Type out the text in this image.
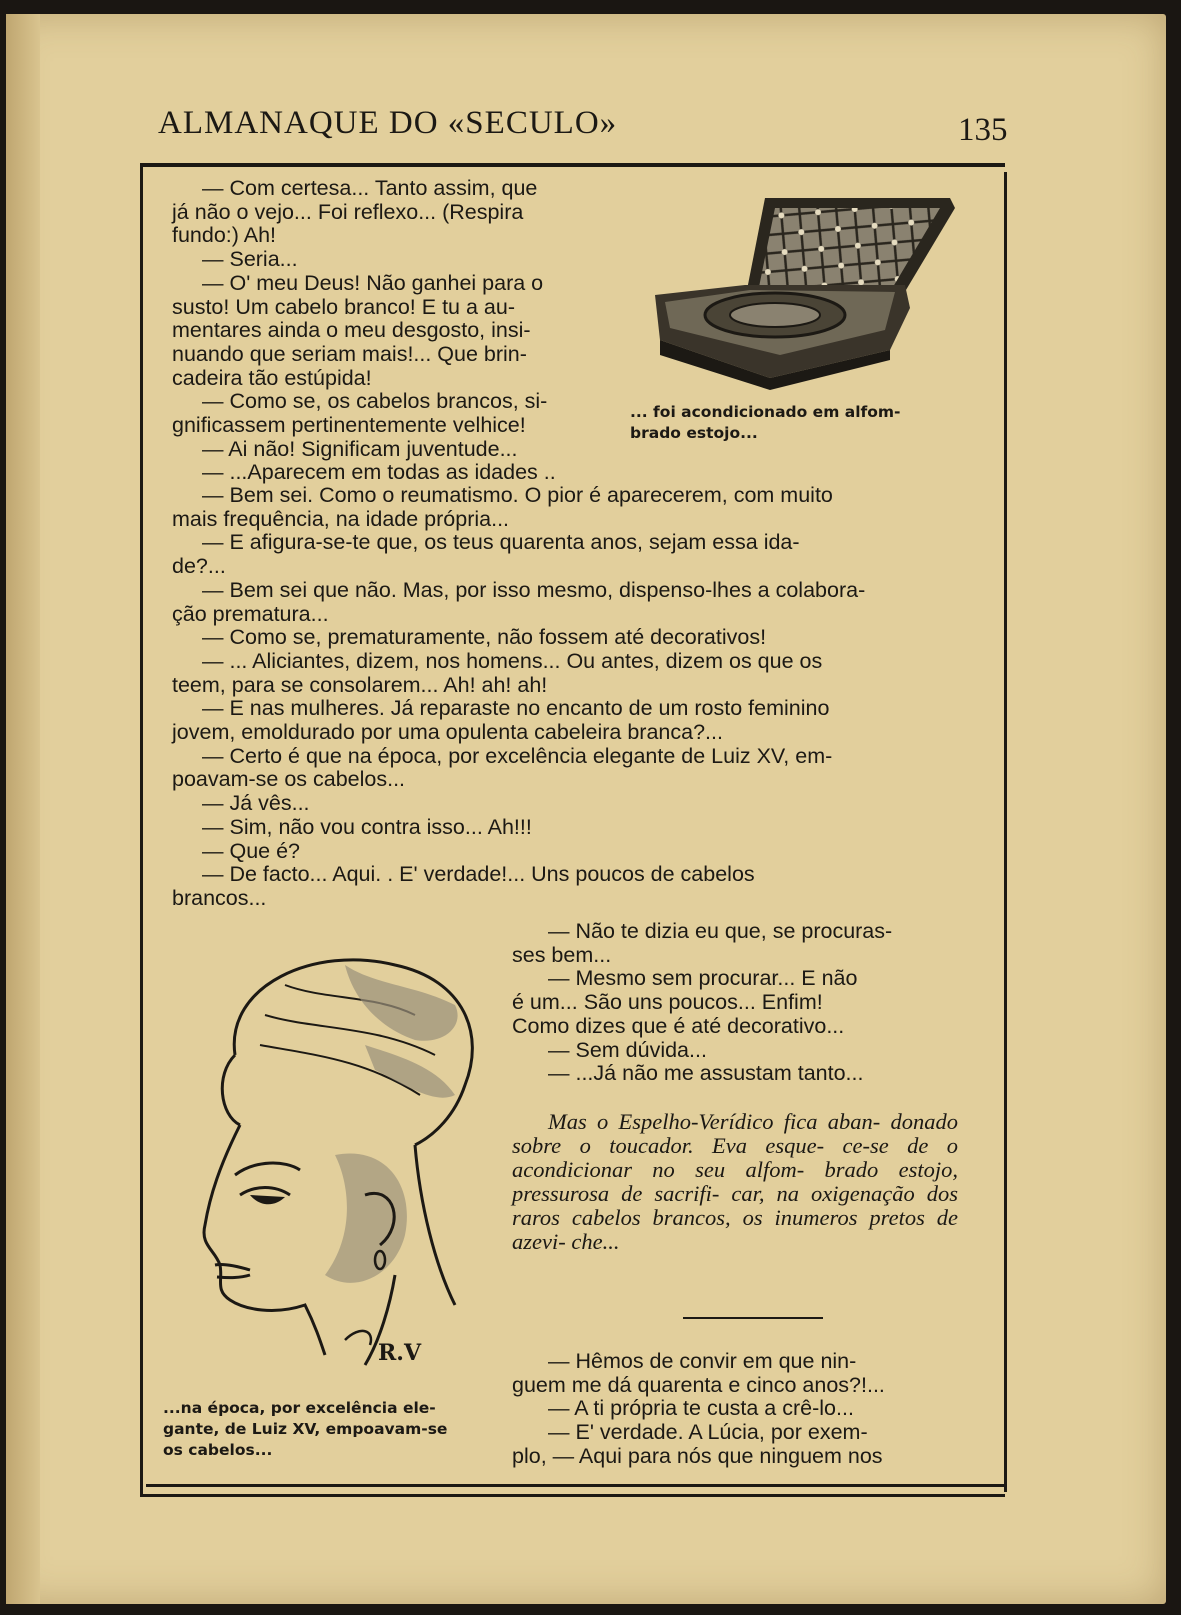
ALMANAQUE DO «SECULO»	135

— Com certesa... Tanto assim, que

já não o vejo... Foi reflexo... (Respira

fundo:) Ah!

— Seria...

— O' meu Deus! Não ganhei para o

susto! Um cabelo branco! E tu a au-

mentares ainda o meu desgosto, insi-

nuando que seriam mais!... Que brin-

cadeira tão estúpida!

— Como se, os cabelos brancos, si-

gnificassem pertinentemente velhice!

— Ai não! Significam juventude...

— ...Aparecem em todas as idades ..

... foi acondicionado em alfom-
brado estojo...

— Bem sei. Como o reumatismo. O pior é aparecerem, com muito
mais frequência, na idade própria...

— E afigura-se-te que, os teus quarenta anos, sejam essa ida-
de?...

— Bem sei que não. Mas, por isso mesmo, dispenso-lhes a colabora-
ção prematura...

— Como se, prematuramente, não fossem até decorativos!

— ... Aliciantes, dizem, nos homens... Ou antes, dizem os que os
teem, para se consolarem... Ah! ah! ah!

— E nas mulheres. Já reparaste no encanto de um rosto feminino
jovem, emoldurado por uma opulenta cabeleira branca?...

— Certo é que na época, por excelência elegante de Luiz XV, em-
poavam-se os cabelos...

— Já vês...

— Sim, não vou contra isso... Ah!!!

— Que é?

— De facto... Aqui. . E' verdade!... Uns poucos de cabelos
brancos...

R.V
...na época, por excelência ele-
gante, de Luiz XV, empoavam-se
os cabelos...

— Não te dizia eu que, se procuras-
ses bem...

— Mesmo sem procurar... E não
é um... São uns poucos... Enfim!
Como dizes que é até decorativo...

— Sem dúvida...

— ...Já não me assustam tanto...

Mas o Espelho-Verídico fica aban- donado sobre o toucador. Eva esque- ce-se de o acondicionar no seu alfom- brado estojo, pressurosa de sacrifi- car, na oxigenação dos raros cabelos brancos, os inumeros pretos de azevi- che...

— Hêmos de convir em que nin-
guem me dá quarenta e cinco anos?!...

— A ti própria te custa a crê-lo...

— E' verdade. A Lúcia, por exem-
plo, — Aqui para nós que ninguem nos
